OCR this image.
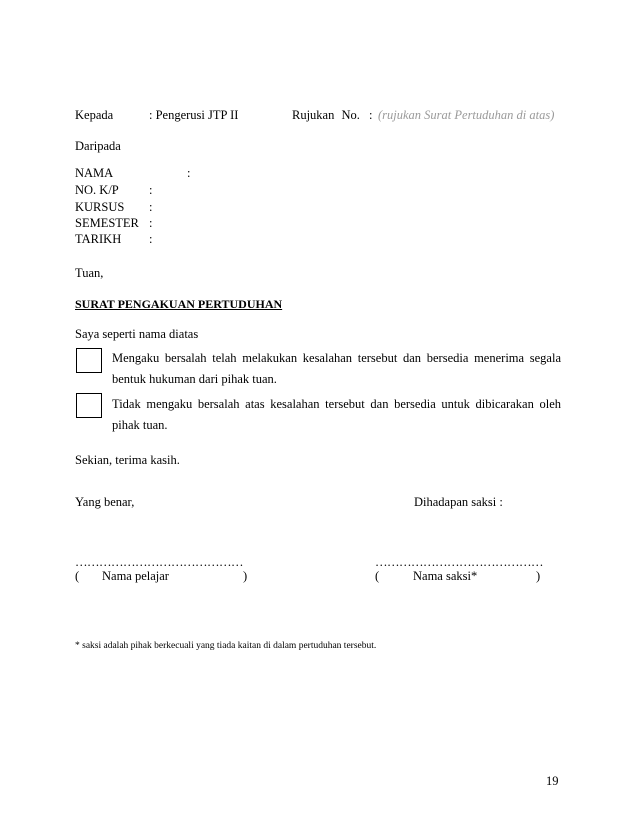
Kepada	: Pengerusi JTP II	Rujukan No. : (rujukan Surat Pertuduhan di atas)
Daripada
NAMA	:
NO. K/P :
KURSUS :
SEMESTER :
TARIKH :
Tuan,
SURAT PENGAKUAN PERTUDUHAN
Saya seperti nama diatas
Mengaku bersalah telah melakukan kesalahan tersebut dan bersedia menerima segala bentuk hukuman dari pihak tuan.
Tidak mengaku bersalah atas kesalahan tersebut dan bersedia untuk dibicarakan oleh pihak tuan.
Sekian, terima kasih.
Yang benar,	Dihadapan saksi :
……………………………………	……………………………………
( Nama pelajar	)	(	Nama saksi*	)
* saksi adalah pihak berkecuali yang tiada kaitan di dalam pertuduhan tersebut.
19
